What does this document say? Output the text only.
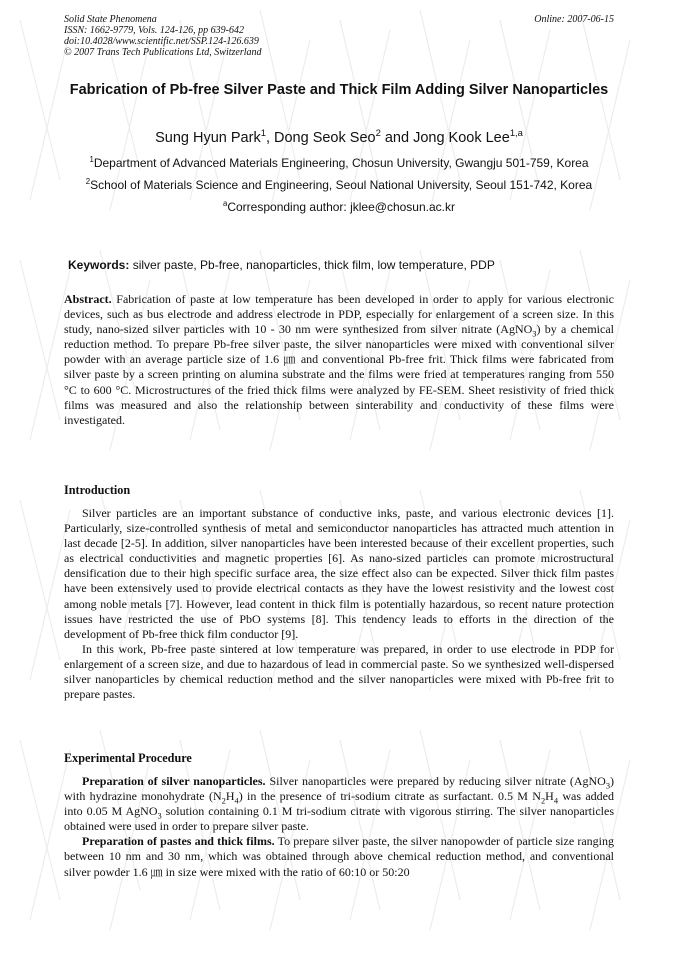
Solid State Phenomena
ISSN: 1662-9779, Vols. 124-126, pp 639-642
doi:10.4028/www.scientific.net/SSP.124-126.639
© 2007 Trans Tech Publications Ltd, Switzerland
Online: 2007-06-15
Fabrication of Pb-free Silver Paste and Thick Film Adding Silver Nanoparticles
Sung Hyun Park$^1$, Dong Seok Seo$^2$ and Jong Kook Lee$^{1,a}$
$^1$Department of Advanced Materials Engineering, Chosun University, Gwangju 501-759, Korea
$^2$School of Materials Science and Engineering, Seoul National University, Seoul 151-742, Korea
$^a$Corresponding author: jklee@chosun.ac.kr
Keywords: silver paste, Pb-free, nanoparticles, thick film, low temperature, PDP

Abstract. Fabrication of paste at low temperature has been developed in order to apply for various electronic devices, such as bus electrode and address electrode in PDP, especially for enlargement of a screen size. In this study, nano-sized silver particles with 10 - 30 nm were synthesized from silver nitrate (AgNO$_3$) by a chemical reduction method. To prepare Pb-free silver paste, the silver nanoparticles were mixed with conventional silver powder with an average particle size of 1.6 ㎛ and conventional Pb-free frit. Thick films were fabricated from silver paste by a screen printing on alumina substrate and the films were fried at temperatures ranging from 550 °C to 600 °C. Microstructures of the fried thick films were analyzed by FE-SEM. Sheet resistivity of fried thick films was measured and also the relationship between sinterability and conductivity of these films were investigated.

Introduction

Silver particles are an important substance of conductive inks, paste, and various electronic devices [1]. Particularly, size-controlled synthesis of metal and semiconductor nanoparticles has attracted much attention in last decade [2-5]. In addition, silver nanoparticles have been interested because of their excellent properties, such as electrical conductivities and magnetic properties [6]. As nano-sized particles can promote microstructural densification due to their high specific surface area, the size effect also can be expected. Silver thick film pastes have been extensively used to provide electrical contacts as they have the lowest resistivity and the lowest cost among noble metals [7]. However, lead content in thick film is potentially hazardous, so recent nature protection issues have restricted the use of PbO systems [8]. This tendency leads to efforts in the direction of the development of Pb-free thick film conductor [9].

In this work, Pb-free paste sintered at low temperature was prepared, in order to use electrode in PDP for enlargement of a screen size, and due to hazardous of lead in commercial paste. So we synthesized well-dispersed silver nanoparticles by chemical reduction method and the silver nanoparticles were mixed with Pb-free frit to prepare pastes.

Experimental Procedure

Preparation of silver nanoparticles. Silver nanoparticles were prepared by reducing silver nitrate (AgNO$_3$) with hydrazine monohydrate $(N_2H_4)$ in the presence of tri-sodium citrate as surfactant. 0.5 M $N_2H_4$ was added into 0.05 M AgNO$_3$ solution containing 0.1 M tri-sodium citrate with vigorous stirring. The silver nanoparticles obtained were used in order to prepare silver paste.

Preparation of pastes and thick films. To prepare silver paste, the silver nanopowder of particle size ranging between 10 nm and 30 nm, which was obtained through above chemical reduction method, and conventional silver powder 1.6 ㎛ in size were mixed with the ratio of 60:10 or 50:20
